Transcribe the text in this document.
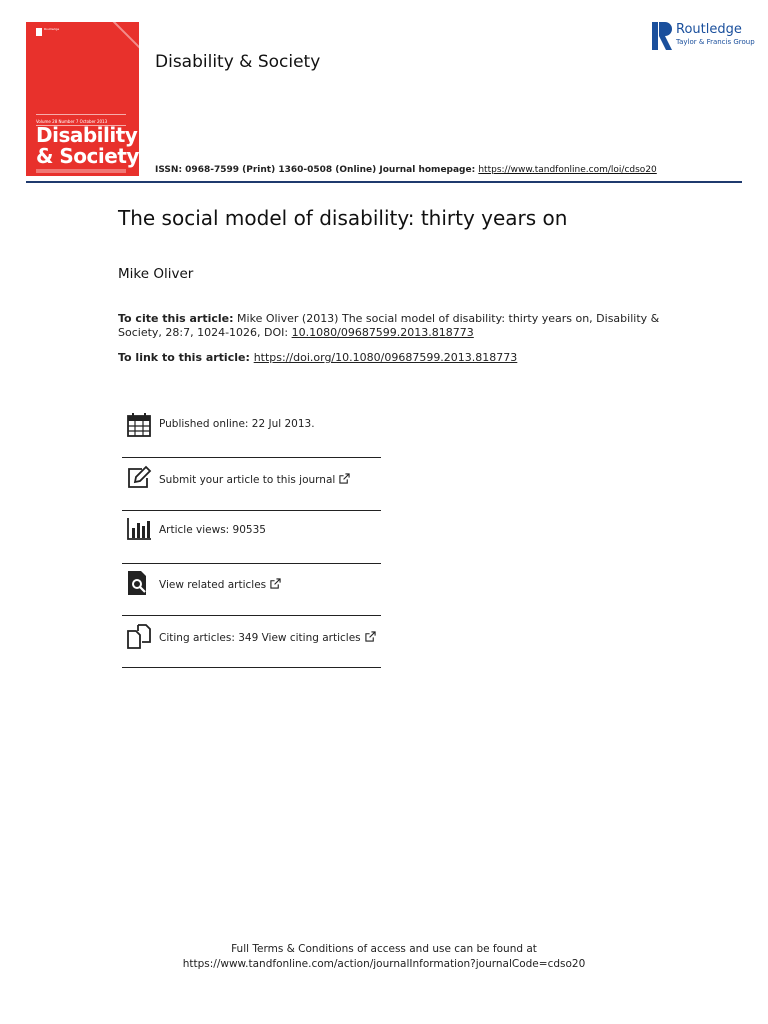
Routledge
Volume 28 Number 7 October 2013
Disability
& Society
Disability & Society
Routledge
Taylor & Francis Group
ISSN: 0968-7599 (Print) 1360-0508 (Online) Journal homepage: https://www.tandfonline.com/loi/cdso20
The social model of disability: thirty years on
Mike Oliver
To cite this article: Mike Oliver (2013) The social model of disability: thirty years on, Disability & Society, 28:7, 1024-1026, DOI: 10.1080/09687599.2013.818773
To link to this article: https://doi.org/10.1080/09687599.2013.818773
Published online: 22 Jul 2013.
Submit your article to this journal
Article views: 90535
View related articles
Citing articles: 349 View citing articles
Full Terms & Conditions of access and use can be found at
https://www.tandfonline.com/action/journalInformation?journalCode=cdso20
